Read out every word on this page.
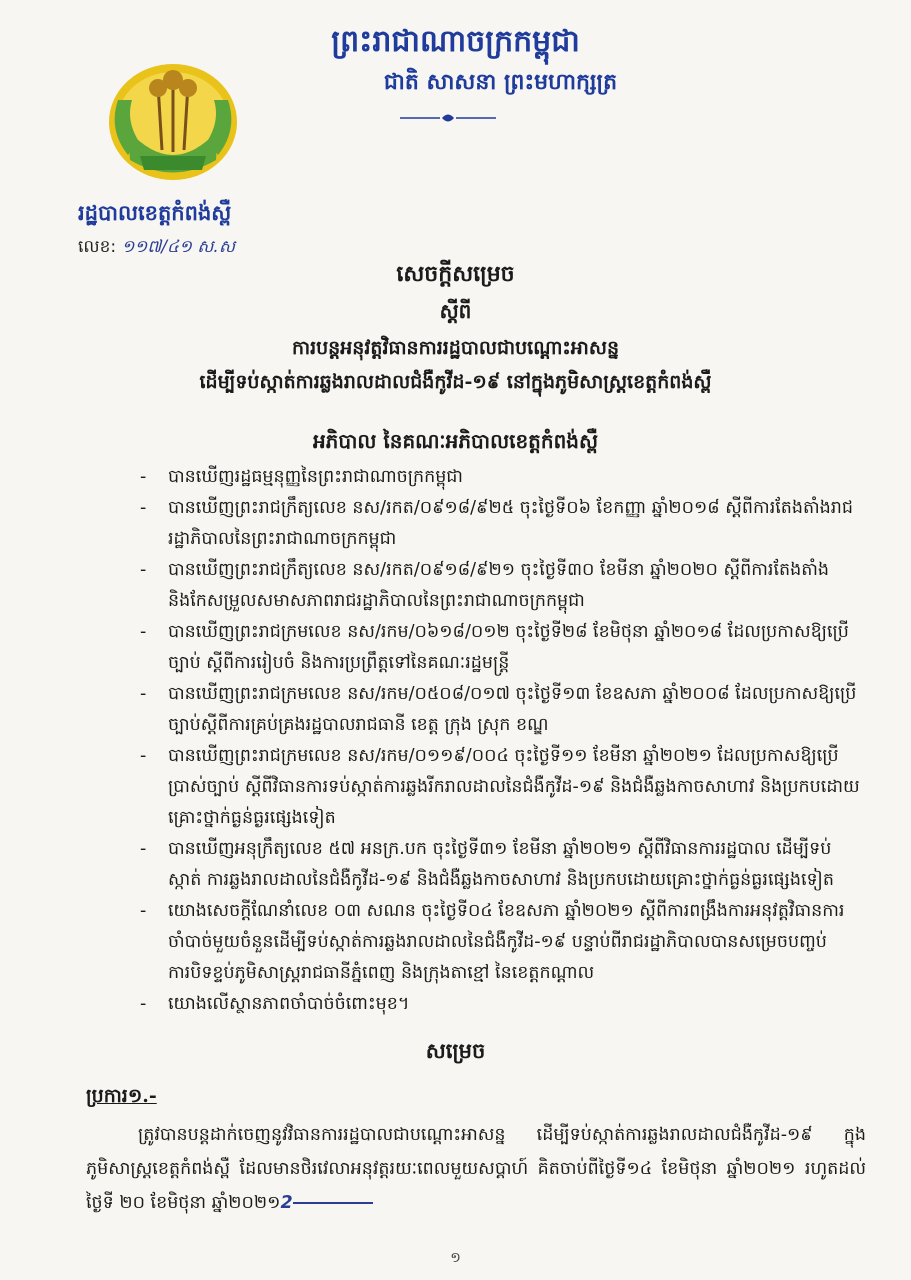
ព្រះរាជាណាចក្រកម្ពុជា
ជាតិ សាសនា ព្រះមហាក្សត្រ
រដ្ឋបាលខេត្តកំពង់ស្ពឺ
លេខ: ១១៧/៤១ ស.ស
សេចក្តីសម្រេច
ស្តីពី
ការបន្តអនុវត្តវិធានការរដ្ឋបាលជាបណ្តោះអាសន្ន
ដើម្បីទប់ស្កាត់ការឆ្លងរាលដាលជំងឺកូវីដ-១៩ នៅក្នុងភូមិសាស្ត្រខេត្តកំពង់ស្ពឺ
អភិបាល នៃគណៈអភិបាលខេត្តកំពង់ស្ពឺ
- បានឃើញរដ្ឋធម្មនុញ្ញនៃព្រះរាជាណាចក្រកម្ពុជា
- បានឃើញព្រះរាជក្រឹត្យលេខ នស/រកត/០៩១៨/៩២៥ ចុះថ្ងៃទី០៦ ខែកញ្ញា ឆ្នាំ២០១៨ ស្តីពីការតែងតាំងរាជរដ្ឋាភិបាលនៃព្រះរាជាណាចក្រកម្ពុជា
- បានឃើញព្រះរាជក្រឹត្យលេខ នស/រកត/០៩១៨/៩២១ ចុះថ្ងៃទី៣០ ខែមីនា ឆ្នាំ២០២០ ស្តីពីការតែងតាំង និងកែសម្រួលសមាសភាពរាជរដ្ឋាភិបាលនៃព្រះរាជាណាចក្រកម្ពុជា
- បានឃើញព្រះរាជក្រមលេខ នស/រកម/០៦១៨/០១២ ចុះថ្ងៃទី២៨ ខែមិថុនា ឆ្នាំ២០១៨ ដែលប្រកាសឱ្យប្រើច្បាប់ ស្តីពីការរៀបចំ និងការប្រព្រឹត្តទៅនៃគណៈរដ្ឋមន្ត្រី
- បានឃើញព្រះរាជក្រមលេខ នស/រកម/០៥០៨/០១៧ ចុះថ្ងៃទី១៣ ខែឧសភា ឆ្នាំ២០០៨ ដែលប្រកាសឱ្យប្រើច្បាប់ស្តីពីការគ្រប់គ្រងរដ្ឋបាលរាជធានី ខេត្ត ក្រុង ស្រុក ខណ្ឌ
- បានឃើញព្រះរាជក្រមលេខ នស/រកម/០១១៩/០០៤ ចុះថ្ងៃទី១១ ខែមីនា ឆ្នាំ២០២១ ដែលប្រកាសឱ្យប្រើប្រាស់ច្បាប់ ស្តីពីវិធានការទប់ស្កាត់ការឆ្លងរីករាលដាលនៃជំងឺកូវីដ-១៩ និងជំងឺឆ្លងកាចសាហាវ និងប្រកបដោយគ្រោះថ្នាក់ធ្ងន់ធ្ងរផ្សេងទៀត
- បានឃើញអនុក្រឹត្យលេខ ៥៧ អនក្រ.បក ចុះថ្ងៃទី៣១ ខែមីនា ឆ្នាំ២០២១ ស្តីពីវិធានការរដ្ឋបាល ដើម្បីទប់ស្កាត់ ការឆ្លងរាលដាលនៃជំងឺកូវីដ-១៩ និងជំងឺឆ្លងកាចសាហាវ និងប្រកបដោយគ្រោះថ្នាក់ធ្ងន់ធ្ងរផ្សេងទៀត
- យោងសេចក្តីណែនាំលេខ ០៣ សណន ចុះថ្ងៃទី០៤ ខែឧសភា ឆ្នាំ២០២១ ស្តីពីការពង្រឹងការអនុវត្តវិធានការចាំបាច់មួយចំនួនដើម្បីទប់ស្កាត់ការឆ្លងរាលដាលនៃជំងឺកូវីដ-១៩ បន្ទាប់ពីរាជរដ្ឋាភិបាលបានសម្រេចបញ្ចប់ការបិទខ្ទប់ភូមិសាស្ត្ររាជធានីភ្នំពេញ និងក្រុងតាខ្មៅ នៃខេត្តកណ្តាល
- យោងលើស្ថានភាពចាំបាច់ចំពោះមុខ។
សម្រេច
ប្រការ១.-
ត្រូវបានបន្តដាក់ចេញនូវវិធានការរដ្ឋបាលជាបណ្តោះអាសន្ន ដើម្បីទប់ស្កាត់ការឆ្លងរាលដាលជំងឺកូវីដ-១៩ ក្នុងភូមិសាស្ត្រខេត្តកំពង់ស្ពឺ ដែលមានថិរវេលាអនុវត្តរយៈពេលមួយសប្តាហ៍ គិតចាប់ពីថ្ងៃទី១៤ ខែមិថុនា ឆ្នាំ២០២១ រហូតដល់ថ្ងៃទី ២០ ខែមិថុនា ឆ្នាំ២០២១2
១
